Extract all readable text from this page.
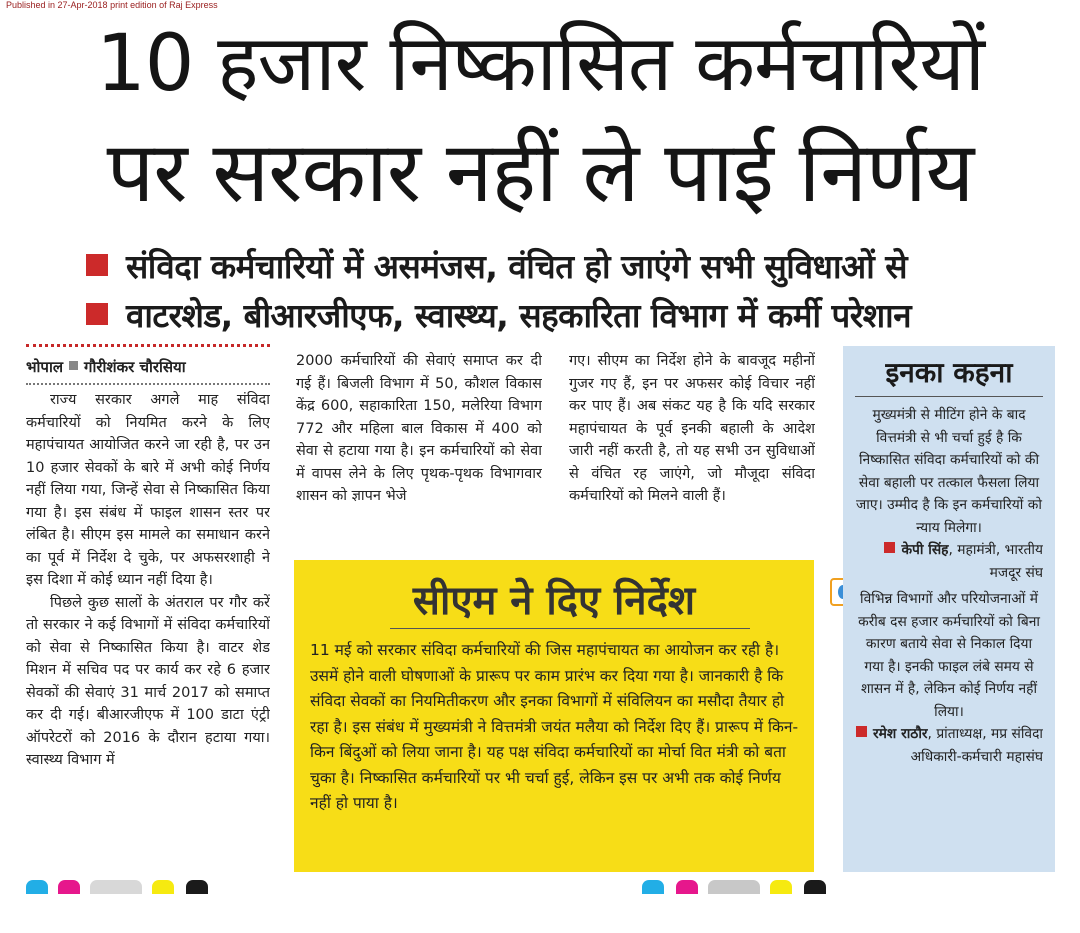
Published in 27-Apr-2018 print edition of Raj Express
10 हजार निष्कासित कर्मचारियों
पर सरकार नहीं ले पाई निर्णय
संविदा कर्मचारियों में असमंजस, वंचित हो जाएंगे सभी सुविधाओं से
वाटरशेड, बीआरजीएफ, स्वास्थ्य, सहकारिता विभाग में कर्मी परेशान
भोपाल गौरीशंकर चौरसिया

राज्य सरकार अगले माह संविदा कर्मचारियों को नियमित करने के लिए महापंचायत आयोजित करने जा रही है, पर उन 10 हजार सेवकों के बारे में अभी कोई निर्णय नहीं लिया गया, जिन्हें सेवा से निष्कासित किया गया है। इस संबंध में फाइल शासन स्तर पर लंबित है। सीएम इस मामले का समाधान करने का पूर्व में निर्देश दे चुके, पर अफसरशाही ने इस दिशा में कोई ध्यान नहीं दिया है।

पिछले कुछ सालों के अंतराल पर गौर करें तो सरकार ने कई विभागों में संविदा कर्मचारियों को सेवा से निष्कासित किया है। वाटर शेड मिशन में सचिव पद पर कार्य कर रहे 6 हजार सेवकों की सेवाएं 31 मार्च 2017 को समाप्त कर दी गई। बीआरजीएफ में 100 डाटा एंट्री ऑपरेटरों को 2016 के दौरान हटाया गया। स्वास्थ्य विभाग में

2000 कर्मचारियों की सेवाएं समाप्त कर दी गई हैं। बिजली विभाग में 50, कौशल विकास केंद्र 600, सहाकारिता 150, मलेरिया विभाग 772 और महिला बाल विकास में 400 को सेवा से हटाया गया है। इन कर्मचारियों को सेवा में वापस लेने के लिए पृथक-पृथक विभागवार शासन को ज्ञापन भेजे
गए। सीएम का निर्देश होने के बावजूद महीनों गुजर गए हैं, इन पर अफसर कोई विचार नहीं कर पाए हैं। अब संकट यह है कि यदि सरकार महापंचायत के पूर्व इनकी बहाली के आदेश जारी नहीं करती है, तो यह सभी उन सुविधाओं से वंचित रह जाएंगे, जो मौजूदा संविदा कर्मचारियों को मिलने वाली हैं।
सीएम ने दिए निर्देश
11 मई को सरकार संविदा कर्मचारियों की जिस महापंचायत का आयोजन कर रही है। उसमें होने वाली घोषणाओं के प्रारूप पर काम प्रारंभ कर दिया गया है। जानकारी है कि संविदा सेवकों का नियमितीकरण और इनका विभागों में संविलियन का मसौदा तैयार हो रहा है। इस संबंध में मुख्यमंत्री ने वित्तमंत्री जयंत मलैया को निर्देश दिए हैं। प्रारूप में किन-किन बिंदुओं को लिया जाना है। यह पक्ष संविदा कर्मचारियों का मोर्चा वित मंत्री को बता चुका है। निष्कासित कर्मचारियों पर भी चर्चा हुई, लेकिन इस पर अभी तक कोई निर्णय नहीं हो पाया है।
इनका कहना
मुख्यमंत्री से मीटिंग होने के बाद वित्तमंत्री से भी चर्चा हुई है कि निष्कासित संविदा कर्मचारियों को की सेवा बहाली पर तत्काल फैसला लिया जाए। उम्मीद है कि इन कर्मचारियों को न्याय मिलेगा।
केपी सिंह, महामंत्री, भारतीय मजदूर संघ
विभिन्न विभागों और परियोजनाओं में करीब दस हजार कर्मचारियों को बिना कारण बताये सेवा से निकाल दिया गया है। इनकी फाइल लंबे समय से शासन में है, लेकिन कोई निर्णय नहीं लिया।
रमेश राठौर, प्रांताध्यक्ष, मप्र संविदा अधिकारी-कर्मचारी महासंघ
